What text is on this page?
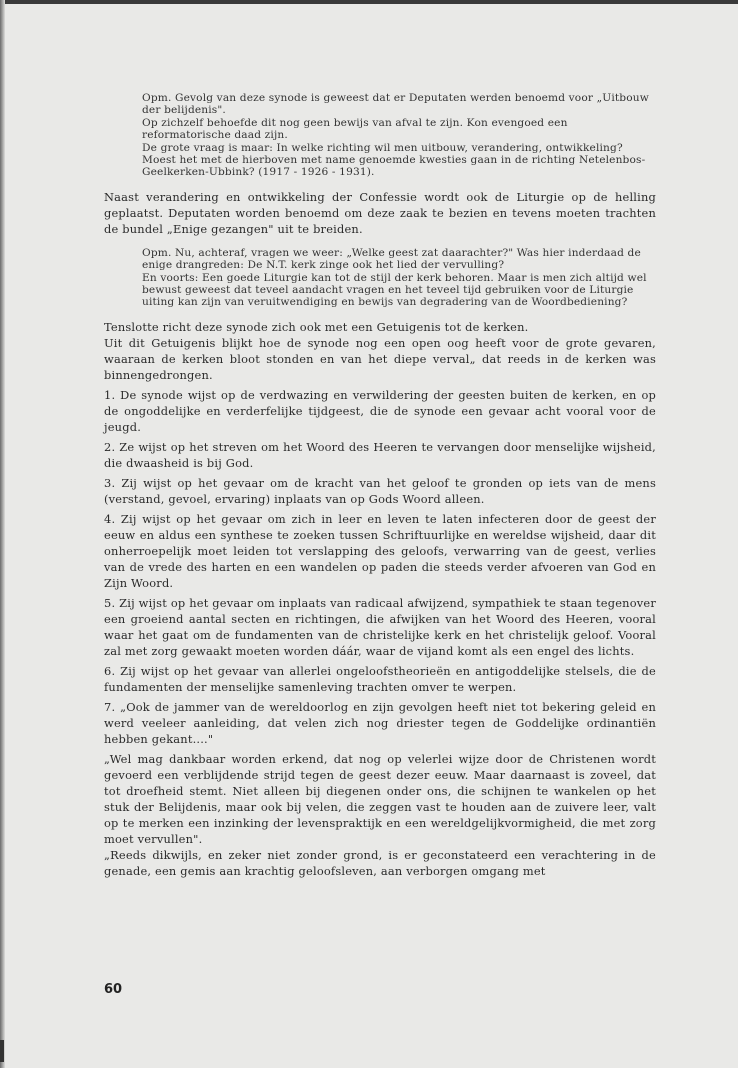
Opm. Gevolg van deze synode is geweest dat er Deputaten werden benoemd voor „Uitbouw der belijdenis".

Op zichzelf behoefde dit nog geen bewijs van afval te zijn. Kon evengoed een reformatorische daad zijn.

De grote vraag is maar: In welke richting wil men uitbouw, verandering, ontwikkeling? Moest het met de hierboven met name genoemde kwesties gaan in de richting Netelenbos-Geelkerken-Ubbink? (1917 - 1926 - 1931).

Naast verandering en ontwikkeling der Confessie wordt ook de Liturgie op de helling geplaatst. Deputaten worden benoemd om deze zaak te bezien en tevens moeten trachten de bundel „Enige gezangen" uit te breiden.

Opm. Nu, achteraf, vragen we weer: „Welke geest zat daarachter?" Was hier inderdaad de enige drangreden: De N.T. kerk zinge ook het lied der vervulling?

En voorts: Een goede Liturgie kan tot de stijl der kerk behoren. Maar is men zich altijd wel bewust geweest dat teveel aandacht vragen en het teveel tijd gebruiken voor de Liturgie uiting kan zijn van veruitwendiging en bewijs van degradering van de Woordbediening?

Tenslotte richt deze synode zich ook met een Getuigenis tot de kerken.

Uit dit Getuigenis blijkt hoe de synode nog een open oog heeft voor de grote gevaren, waaraan de kerken bloot stonden en van het diepe verval„ dat reeds in de kerken was binnengedrongen.

1. De synode wijst op de verdwazing en verwildering der geesten buiten de kerken, en op de ongoddelijke en verderfelijke tijdgeest, die de synode een gevaar acht vooral voor de jeugd.

2. Ze wijst op het streven om het Woord des Heeren te vervangen door menselijke wijsheid, die dwaasheid is bij God.

3. Zij wijst op het gevaar om de kracht van het geloof te gronden op iets van de mens (verstand, gevoel, ervaring) inplaats van op Gods Woord alleen.

4. Zij wijst op het gevaar om zich in leer en leven te laten infecteren door de geest der eeuw en aldus een synthese te zoeken tussen Schriftuurlijke en wereldse wijsheid, daar dit onherroepelijk moet leiden tot verslapping des geloofs, verwarring van de geest, verlies van de vrede des harten en een wandelen op paden die steeds verder afvoeren van God en Zijn Woord.

5. Zij wijst op het gevaar om inplaats van radicaal afwijzend, sympathiek te staan tegenover een groeiend aantal secten en richtingen, die afwijken van het Woord des Heeren, vooral waar het gaat om de fundamenten van de christelijke kerk en het christelijk geloof. Vooral zal met zorg gewaakt moeten worden dáár, waar de vijand komt als een engel des lichts.

6. Zij wijst op het gevaar van allerlei ongeloofstheorieën en antigoddelijke stelsels, die de fundamenten der menselijke samenleving trachten omver te werpen.

7. „Ook de jammer van de wereldoorlog en zijn gevolgen heeft niet tot bekering geleid en werd veeleer aanleiding, dat velen zich nog driester tegen de Goddelijke ordinantiën hebben gekant...."

„Wel mag dankbaar worden erkend, dat nog op velerlei wijze door de Christenen wordt gevoerd een verblijdende strijd tegen de geest dezer eeuw. Maar daarnaast is zoveel, dat tot droefheid stemt. Niet alleen bij diegenen onder ons, die schijnen te wankelen op het stuk der Belijdenis, maar ook bij velen, die zeggen vast te houden aan de zuivere leer, valt op te merken een inzinking der levenspraktijk en een wereldgelijkvormigheid, die met zorg moet vervullen".

„Reeds dikwijls, en zeker niet zonder grond, is er geconstateerd een verachtering in de genade, een gemis aan krachtig geloofsleven, aan verborgen omgang met

60
